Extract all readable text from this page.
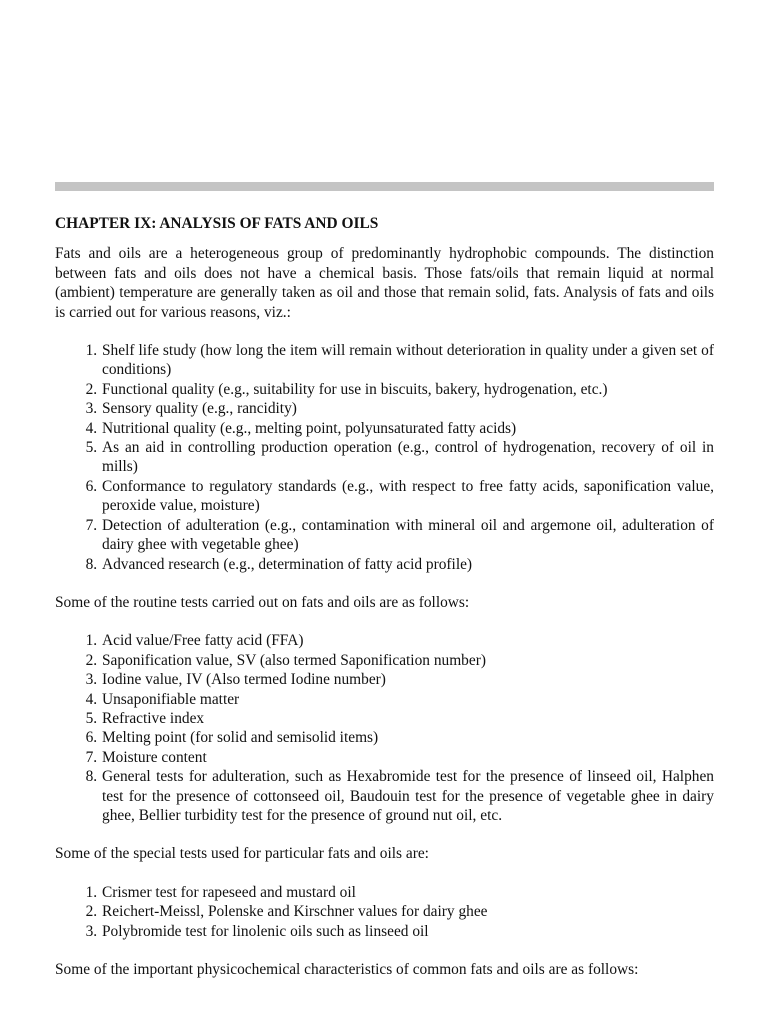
CHAPTER IX: ANALYSIS OF FATS AND OILS

Fats and oils are a heterogeneous group of predominantly hydrophobic compounds. The distinction between fats and oils does not have a chemical basis. Those fats/oils that remain liquid at normal (ambient) temperature are generally taken as oil and those that remain solid, fats. Analysis of fats and oils is carried out for various reasons, viz.:

1. Shelf life study (how long the item will remain without deterioration in quality under a given set of conditions)
2. Functional quality (e.g., suitability for use in biscuits, bakery, hydrogenation, etc.)
3. Sensory quality (e.g., rancidity)
4. Nutritional quality (e.g., melting point, polyunsaturated fatty acids)
5. As an aid in controlling production operation (e.g., control of hydrogenation, recovery of oil in mills)
6. Conformance to regulatory standards (e.g., with respect to free fatty acids, saponification value, peroxide value, moisture)
7. Detection of adulteration (e.g., contamination with mineral oil and argemone oil, adulteration of dairy ghee with vegetable ghee)
8. Advanced research (e.g., determination of fatty acid profile)

Some of the routine tests carried out on fats and oils are as follows:

1. Acid value/Free fatty acid (FFA)
2. Saponification value, SV (also termed Saponification number)
3. Iodine value, IV (Also termed Iodine number)
4. Unsaponifiable matter
5. Refractive index
6. Melting point (for solid and semisolid items)
7. Moisture content
8. General tests for adulteration, such as Hexabromide test for the presence of linseed oil, Halphen test for the presence of cottonseed oil, Baudouin test for the presence of vegetable ghee in dairy ghee, Bellier turbidity test for the presence of ground nut oil, etc.

Some of the special tests used for particular fats and oils are:

1. Crismer test for rapeseed and mustard oil
2. Reichert-Meissl, Polenske and Kirschner values for dairy ghee
3. Polybromide test for linolenic oils such as linseed oil

Some of the important physicochemical characteristics of common fats and oils are as follows:
